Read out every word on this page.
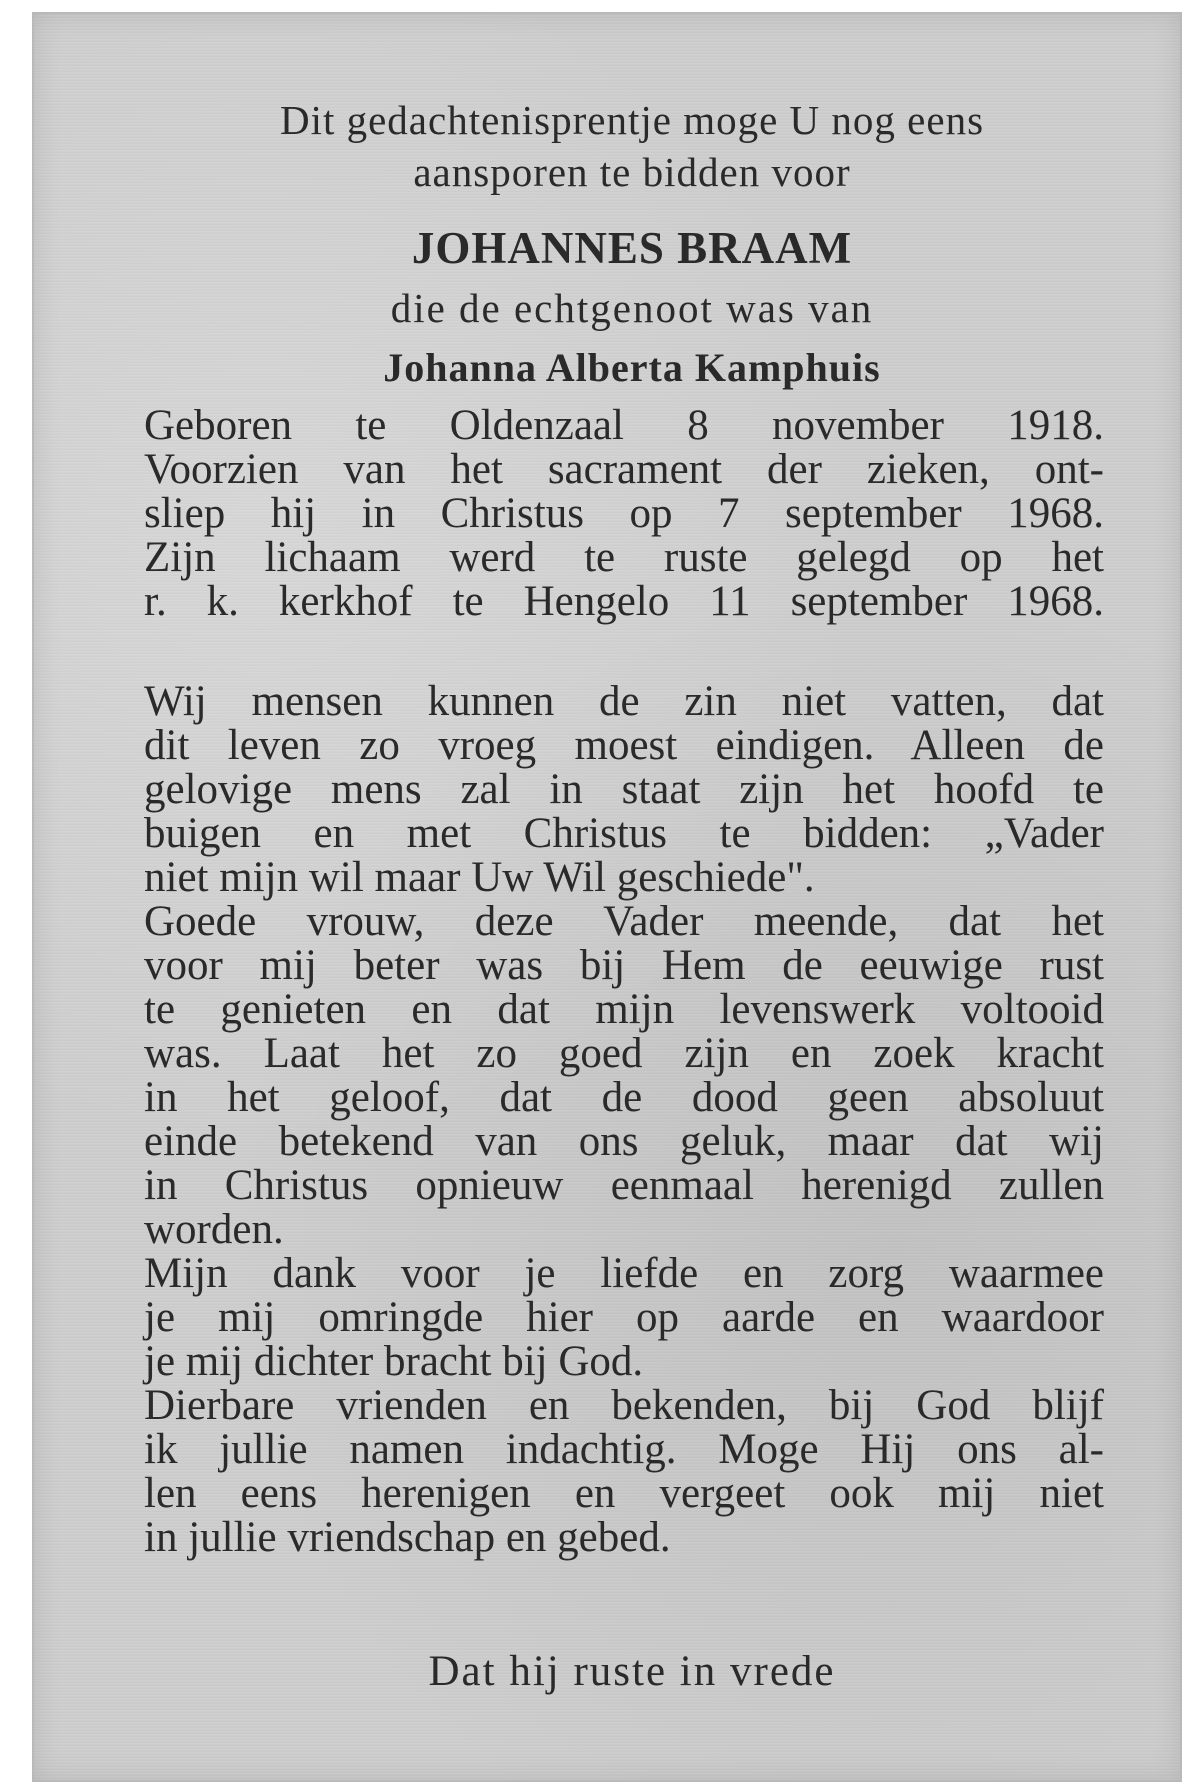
Dit gedachtenisprentje moge U nog eens
aansporen te bidden voor
JOHANNES BRAAM
die de echtgenoot was van
Johanna Alberta Kamphuis
Geboren te Oldenzaal 8 november 1918.
Voorzien van het sacrament der zieken, ont-
sliep hij in Christus op 7 september 1968.
Zijn lichaam werd te ruste gelegd op het
r. k. kerkhof te Hengelo 11 september 1968.
Wij mensen kunnen de zin niet vatten, dat
dit leven zo vroeg moest eindigen. Alleen de
gelovige mens zal in staat zijn het hoofd te
buigen en met Christus te bidden: „Vader
niet mijn wil maar Uw Wil geschiede".
Goede vrouw, deze Vader meende, dat het
voor mij beter was bij Hem de eeuwige rust
te genieten en dat mijn levenswerk voltooid
was. Laat het zo goed zijn en zoek kracht
in het geloof, dat de dood geen absoluut
einde betekend van ons geluk, maar dat wij
in Christus opnieuw eenmaal herenigd zullen
worden.
Mijn dank voor je liefde en zorg waarmee
je mij omringde hier op aarde en waardoor
je mij dichter bracht bij God.
Dierbare vrienden en bekenden, bij God blijf
ik jullie namen indachtig. Moge Hij ons al-
len eens herenigen en vergeet ook mij niet
in jullie vriendschap en gebed.
Dat hij ruste in vrede
